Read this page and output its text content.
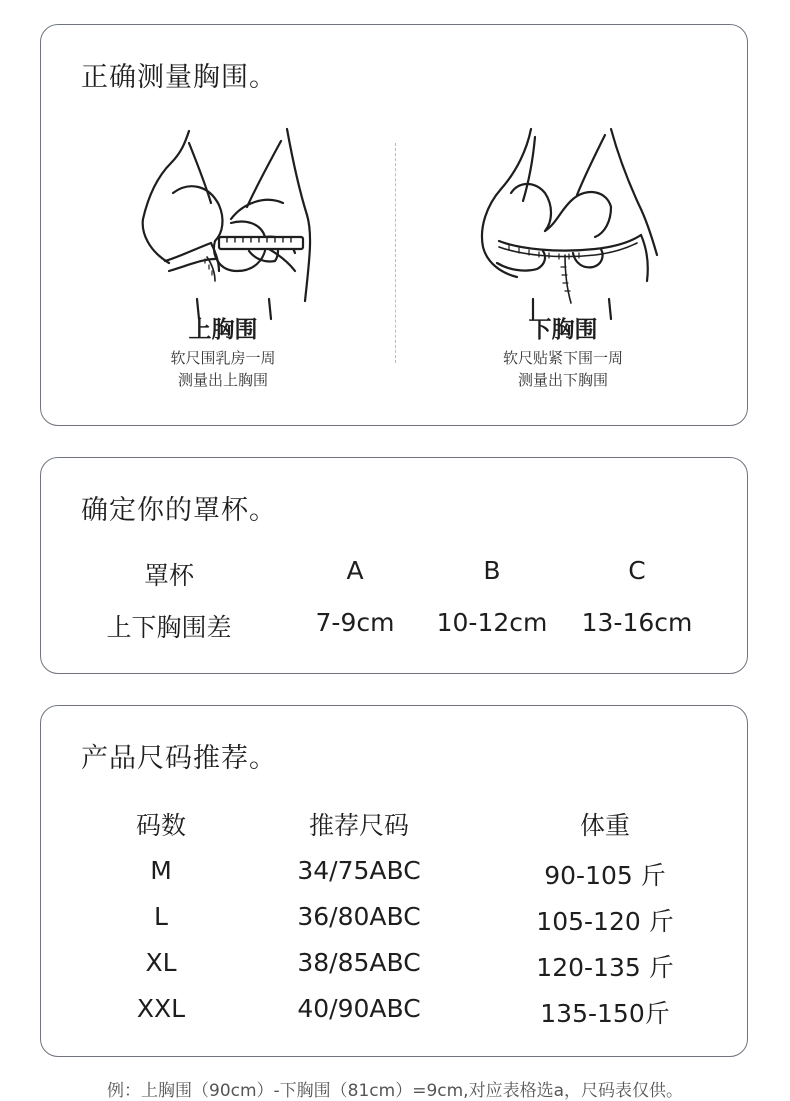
正确测量胸围。
上胸围
软尺围乳房一周
测量出上胸围
下胸围
软尺贴紧下围一周
测量出下胸围
确定你的罩杯。
罩杯	A	B	C
上下胸围差	7-9cm	10-12cm	13-16cm
产品尺码推荐。
码数	推荐尺码	体重
M	34/75ABC	90-105 斤
L	36/80ABC	105-120 斤
XL	38/85ABC	120-135 斤
XXL	40/90ABC	135-150斤
例：上胸围（90cm）-下胸围（81cm）=9cm,对应表格选a，尺码表仅供。
